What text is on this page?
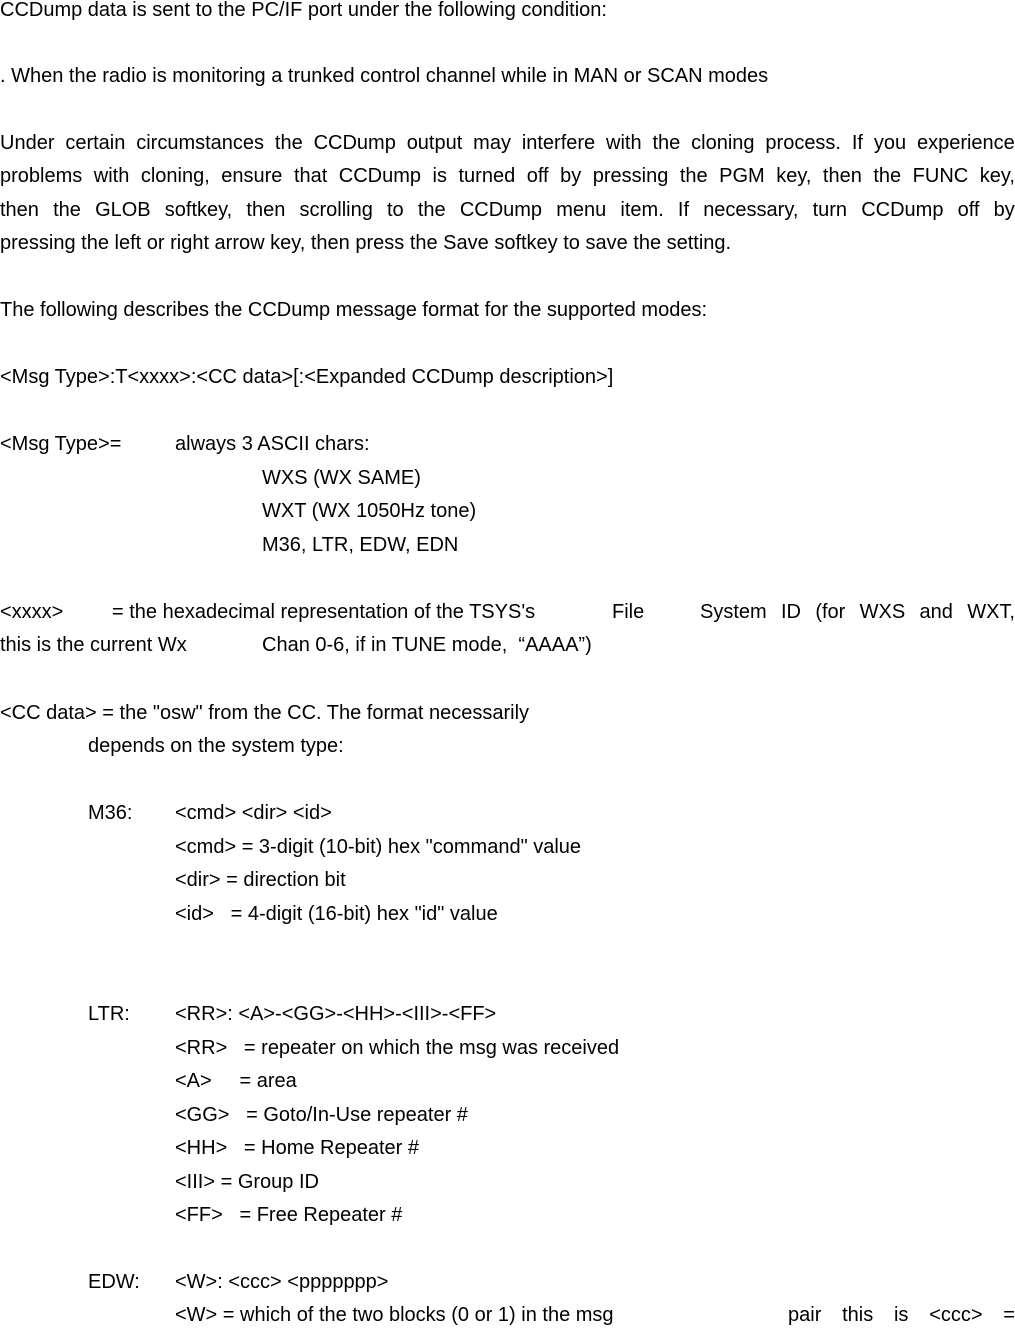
CCDump data is sent to the PC/IF port under the following condition:
. When the radio is monitoring a trunked control channel while in MAN or SCAN modes
Under certain circumstances the CCDump output may interfere with the cloning process. If you experience
problems with cloning, ensure that CCDump is turned off by pressing the PGM key, then the FUNC key,
then the GLOB softkey, then scrolling to the CCDump menu item. If necessary, turn CCDump off by
pressing the left or right arrow key, then press the Save softkey to save the setting.
The following describes the CCDump message format for the supported modes:
<Msg Type>:T<xxxx>:<CC data>[:<Expanded CCDump description>]
<Msg Type>=	always 3 ASCII chars:
WXS (WX SAME)
WXT (WX 1050Hz tone)
M36, LTR, EDW, EDN
<xxxx> = the hexadecimal representation of the TSYS's	File	System ID (for WXS and WXT,
this is the current Wx	Chan 0-6, if in TUNE mode,  “AAAA”)
<CC data> = the "osw" from the CC. The format necessarily
depends on the system type:
M36: <cmd> <dir> <id>
<cmd> = 3-digit (10-bit) hex "command" value
<dir> = direction bit
<id>   = 4-digit (16-bit) hex "id" value
LTR: <RR>: <A>-<GG>-<HH>-<III>-<FF>
<RR>   = repeater on which the msg was received
<A>     = area
<GG>   = Goto/In-Use repeater #
<HH>   = Home Repeater #
<III> = Group ID
<FF>   = Free Repeater #
EDW: <W>: <ccc> <ppppppp>
<W> = which of the two blocks (0 or 1) in the msg	pair this is <ccc> =
